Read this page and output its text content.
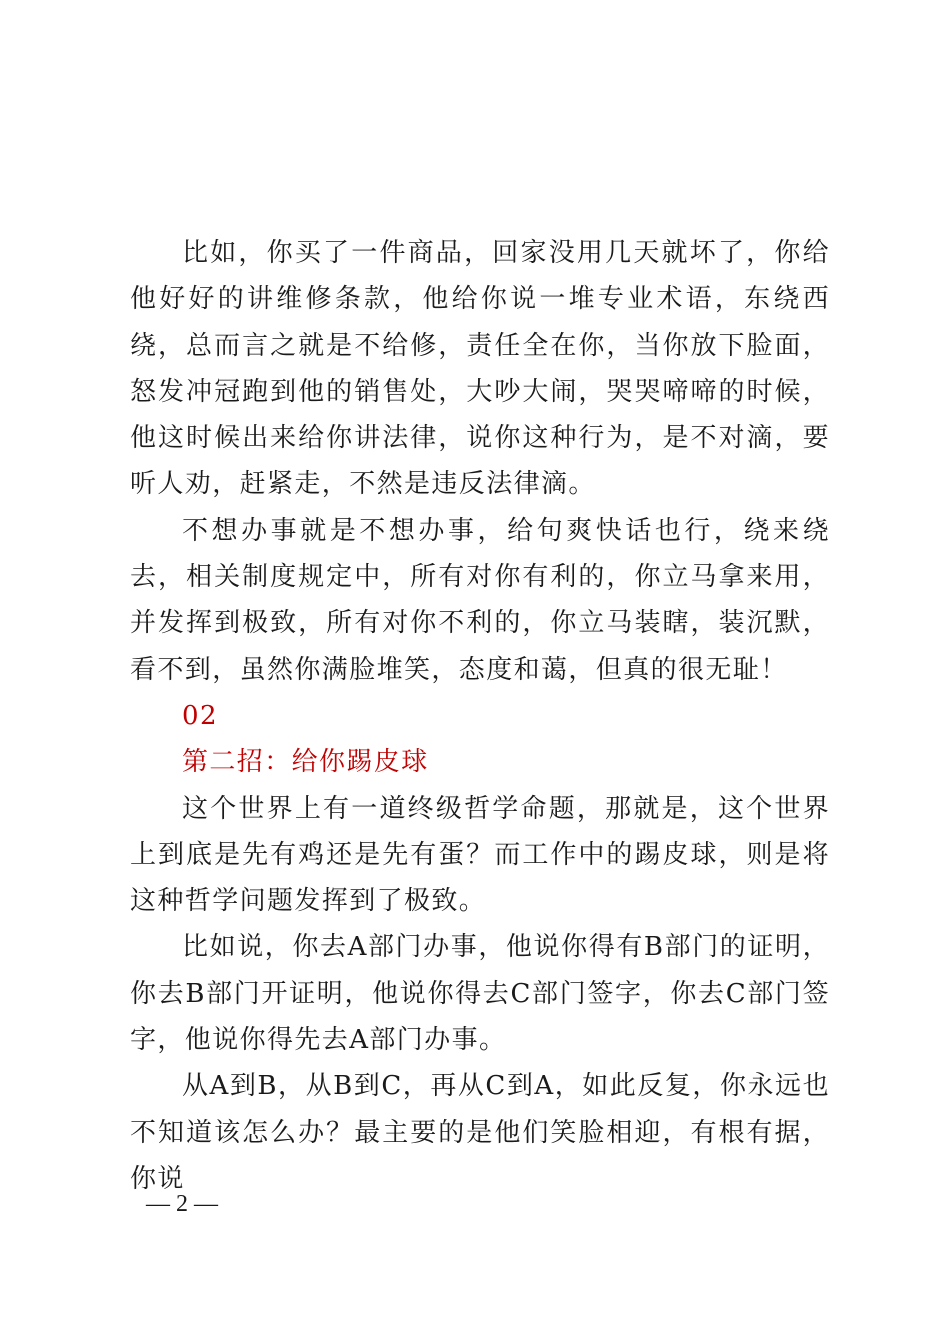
比如，你买了一件商品，回家没用几天就坏了，你给他好好的讲维修条款，他给你说一堆专业术语，东绕西绕，总而言之就是不给修，责任全在你，当你放下脸面，怒发冲冠跑到他的销售处，大吵大闹，哭哭啼啼的时候，他这时候出来给你讲法律，说你这种行为，是不对滴，要听人劝，赶紧走，不然是违反法律滴。

不想办事就是不想办事，给句爽快话也行，绕来绕去，相关制度规定中，所有对你有利的，你立马拿来用，并发挥到极致，所有对你不利的，你立马装瞎，装沉默，看不到，虽然你满脸堆笑，态度和蔼，但真的很无耻！

02

第二招：给你踢皮球

这个世界上有一道终级哲学命题，那就是，这个世界上到底是先有鸡还是先有蛋？而工作中的踢皮球，则是将这种哲学问题发挥到了极致。

比如说，你去A部门办事，他说你得有B部门的证明，你去B部门开证明，他说你得去C部门签字，你去C部门签字，他说你得先去A部门办事。

从A到B，从B到C，再从C到A，如此反复，你永远也不知道该怎么办？最主要的是他们笑脸相迎，有根有据，你说

— 2 —
